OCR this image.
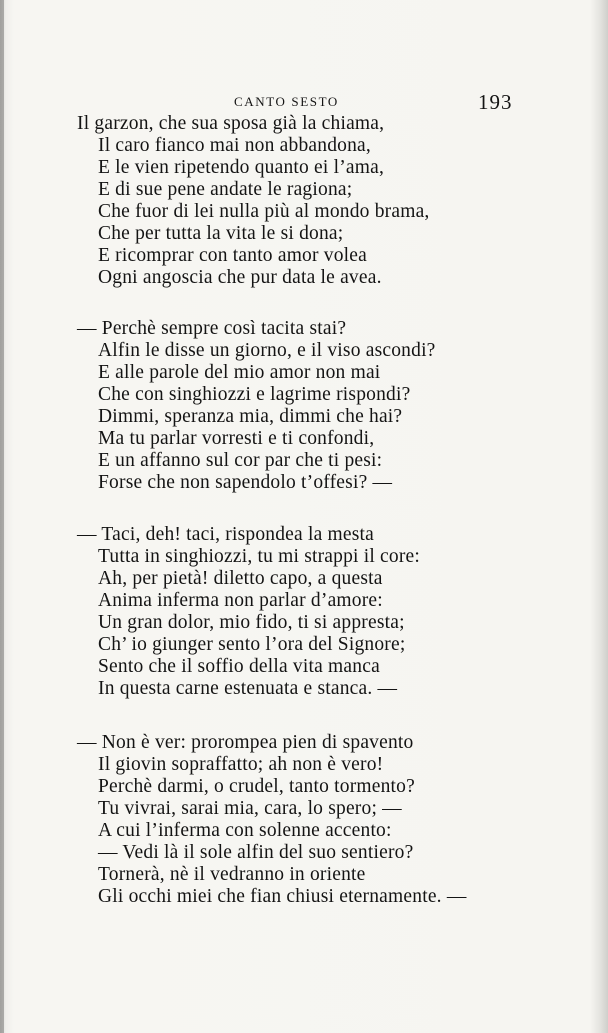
CANTO SESTO	193
Il garzon, che sua sposa già la chiama,
Il caro fianco mai non abbandona,
E le vien ripetendo quanto ei l’ama,
E di sue pene andate le ragiona;
Che fuor di lei nulla più al mondo brama,
Che per tutta la vita le si dona;
E ricomprar con tanto amor volea
Ogni angoscia che pur data le avea.
— Perchè sempre così tacita stai?
Alfin le disse un giorno, e il viso ascondi?
E alle parole del mio amor non mai
Che con singhiozzi e lagrime rispondi?
Dimmi, speranza mia, dimmi che hai?
Ma tu parlar vorresti e ti confondi,
E un affanno sul cor par che ti pesi:
Forse che non sapendolo t’offesi? —
— Taci, deh! taci, rispondea la mesta
Tutta in singhiozzi, tu mi strappi il core:
Ah, per pietà! diletto capo, a questa
Anima inferma non parlar d’amore:
Un gran dolor, mio fido, ti si appresta;
Ch’ io giunger sento l’ora del Signore;
Sento che il soffio della vita manca
In questa carne estenuata e stanca. —
— Non è ver: prorompea pien di spavento
Il giovin sopraffatto; ah non è vero!
Perchè darmi, o crudel, tanto tormento?
Tu vivrai, sarai mia, cara, lo spero; —
A cui l’inferma con solenne accento:
— Vedi là il sole alfin del suo sentiero?
Tornerà, nè il vedranno in oriente
Gli occhi miei che fian chiusi eternamente. —
